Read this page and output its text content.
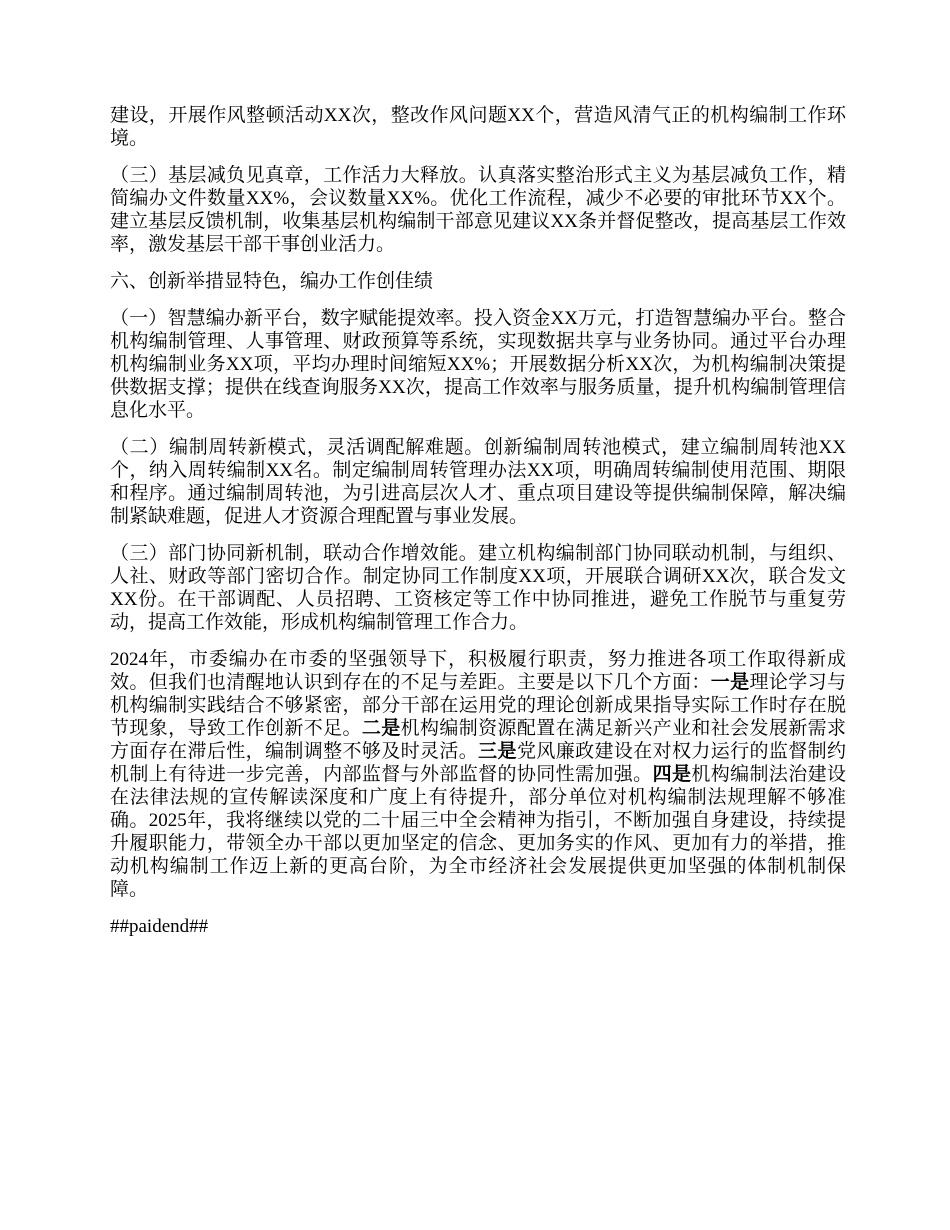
建设，开展作风整顿活动XX次，整改作风问题XX个，营造风清气正的机构编制工作环境。

（三）基层减负见真章，工作活力大释放。认真落实整治形式主义为基层减负工作，精简编办文件数量XX%，会议数量XX%。优化工作流程，减少不必要的审批环节XX个。建立基层反馈机制，收集基层机构编制干部意见建议XX条并督促整改，提高基层工作效率，激发基层干部干事创业活力。

六、创新举措显特色，编办工作创佳绩

（一）智慧编办新平台，数字赋能提效率。投入资金XX万元，打造智慧编办平台。整合机构编制管理、人事管理、财政预算等系统，实现数据共享与业务协同。通过平台办理机构编制业务XX项，平均办理时间缩短XX%；开展数据分析XX次，为机构编制决策提供数据支撑；提供在线查询服务XX次，提高工作效率与服务质量，提升机构编制管理信息化水平。

（二）编制周转新模式，灵活调配解难题。创新编制周转池模式，建立编制周转池XX个，纳入周转编制XX名。制定编制周转管理办法XX项，明确周转编制使用范围、期限和程序。通过编制周转池，为引进高层次人才、重点项目建设等提供编制保障，解决编制紧缺难题，促进人才资源合理配置与事业发展。

（三）部门协同新机制，联动合作增效能。建立机构编制部门协同联动机制，与组织、人社、财政等部门密切合作。制定协同工作制度XX项，开展联合调研XX次，联合发文XX份。在干部调配、人员招聘、工资核定等工作中协同推进，避免工作脱节与重复劳动，提高工作效能，形成机构编制管理工作合力。

2024年，市委编办在市委的坚强领导下，积极履行职责，努力推进各项工作取得新成效。但我们也清醒地认识到存在的不足与差距。主要是以下几个方面：一是理论学习与机构编制实践结合不够紧密，部分干部在运用党的理论创新成果指导实际工作时存在脱节现象，导致工作创新不足。二是机构编制资源配置在满足新兴产业和社会发展新需求方面存在滞后性，编制调整不够及时灵活。三是党风廉政建设在对权力运行的监督制约机制上有待进一步完善，内部监督与外部监督的协同性需加强。四是机构编制法治建设在法律法规的宣传解读深度和广度上有待提升，部分单位对机构编制法规理解不够准确。2025年，我将继续以党的二十届三中全会精神为指引，不断加强自身建设，持续提升履职能力，带领全办干部以更加坚定的信念、更加务实的作风、更加有力的举措，推动机构编制工作迈上新的更高台阶，为全市经济社会发展提供更加坚强的体制机制保障。

##paidend##
